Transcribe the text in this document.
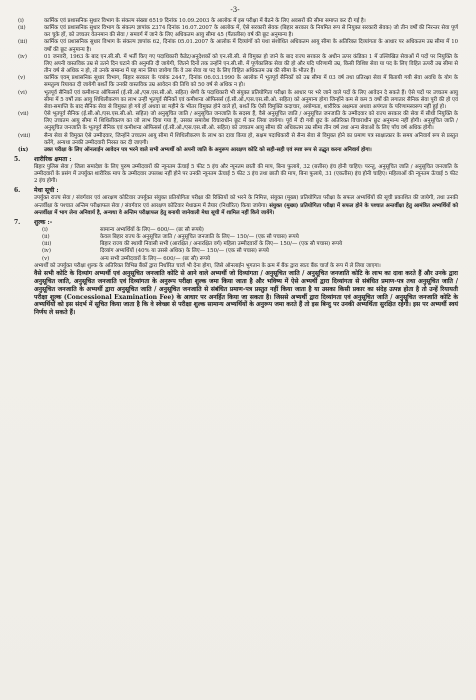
-3-
(i)	कार्मिक एवं प्रशासनिक सुधार विभाग के संकल्प संख्या 6519 दिनांक 10.09.2003 के आलोक में इस परीक्षा में बैठने के लिए अवसरों की सीमा समाप्त कर दी गई है।
(ii)	कार्मिक एवं प्रशासनिक सुधार विभाग के संकल्प ज्ञापांक 2374 दिनांक 16.07.2007 के आलोक में, ऐसे सरकारी सेवक (बिहार सरकार के नियमित रूप से नियुक्त सरकारी सेवक) जो तीन वर्षों की निरन्तर सेवा पूर्ण कर चुके हों, को उच्चतर वेतनमान की सेवा / समवर्ग में जाने के लिए अधिकतम आयु सीमा 45 (पैंतालीस) वर्ष की छूट अनुमान्य है।
(iii)	कार्मिक एवं प्रशासनिक सुधार विभाग के संकल्प ज्ञापांक 62, दिनांक 05.01.2007 के आलोक में दिव्यांगों को यथा संशोधित अधिकतम आयु सीमा के अतिरिक्त दिव्यांगता के आधार पर अधिकतम उम्र सीमा में 10 वर्षों की छूट अनुमान्य है।
(iv)	01 जनवरी, 1963 के बाद एन.सी.सी. में भर्ती किए गए पदाधिकारी कैडेट/अनुदेशकों को एन.सी.सी. से विमुक्त हो जाने के बाद राज्य सरकार के अधीन ऊपर कंडिका 1 में उल्लिखित सेवाओं में पदों पर नियुक्ति के लिए अपनी वास्तविक उम्र से उतने दिन घटाने की अनुमति दी जायेगी, जितने दिनों तक उन्होंने एन.सी.सी. में पूर्णकालिक सेवा की हो और यदि परिणामी उम्र, किसी विशिष्ट सेवा या पद के लिए विहित ऊपरी उम्र सीमा से तीन वर्ष से अधिक न हो, तो उनके सम्बन्ध में यह मान लिया जायेगा कि वे उस सेवा या पद के लिए विहित अधिकतम उम्र की सीमा के भीतर हैं।
(v)	कार्मिक एवम् प्रशासनिक सुधार विभाग, बिहार सरकार के पत्रांक 2447, दिनांक 06.03.1990 के आलोक में भूतपूर्व सैनिकों को उम्र सीमा में 03 वर्ष तथा प्रतिरक्षा सेवा में बितायी गयी सेवा अवधि के योग के समतुल्य रियायत दी जायेगी बशर्ते कि उनकी वास्तविक उम्र आवेदन की तिथि को 50 वर्ष से अधिक न हो।
(vi)	भूतपूर्व सैनिकों एवं कमीशन्ड ऑफिसर्स (ई.सी.ओ./एस.एस.सी.ओ. सहित) श्रेणी के पदाधिकारी भी संयुक्त प्रतियोगिता परीक्षा के आधार पर भरे जाने वाले पदों के लिए आवेदन दे सकते हैं। ऐसे पदों पर उच्चतम आयु सीमा में 5 वर्षों तक आयु शिथिलीकरण का लाभ उन्हीं भूतपूर्व सैनिकों एवं कमीशन्ड ऑफिसर्स (ई.सी.ओ./एस.एस.सी.ओ. सहित) को अनुमान्य होगा जिन्होंने कम से कम 5 वर्षों की लगातार सैनिक सेवा पूरी की हो एवं सेवा-समाप्ति के बाद सैनिक सेवा से विमुक्त हो गये हों अथवा छः महीने के भीतर विमुक्त होने वाले हों, बशर्ते कि ऐसी विमुक्ति कदाचार, अयोग्यता, शारीरिक अक्षमता अथवा अपंगता के परिणामस्वरूप नहीं हुई हो।
(vii)	ऐसे भूतपूर्व सैनिक (ई.सी.ओ./एस.एस.सी.ओ. सहित) जो अनुसूचित जाति / अनुसूचित जनजाति के सदस्य हैं, वैसे अनुसूचित जाति / अनुसूचित जनजाति के उम्मीदवार को राज्य सरकार की सेवा में सीधी नियुक्ति के लिए उच्चतम आयु सीमा में शिथिलीकरण का जो लाभ दिया गया है, उसका समावेश विचाराधीन छूट में कर लिया जायेगा। पूर्व में दी गयी छूट के अतिरिक्त विचाराधीन छूट अनुमान्य नहीं होगी। अनुसूचित जाति / अनुसूचित जनजाति के भूतपूर्व सैनिक एवं कमीशन्ड ऑफिसर्स (ई.सी.ओ./एस.एस.सी.ओ. सहित) को उच्चतम आयु सीमा की अधिकतम उम्र सीमा तीन वर्ष तथा अन्य सेवाओं के लिए पाँच वर्ष अधिक होगी।
(viii)	सैन्य सेवा से विमुक्त ऐसे उम्मीदवार, जिन्होंने उच्चतम आयु सीमा में शिथिलीकरण के लाभ का दावा किया हो, सक्षम पदाधिकारी से सैन्य सेवा से विमुक्त होने का प्रमाण पत्र साक्षात्कार के समय अनिवार्य रूप से प्रस्तुत करेंगे, अन्यथा उनकी उम्मीदवारी निरस्त कर दी जाएगी।
(ix)	उक्त परीक्षा के लिए ऑनलाईन आवेदन पत्र भरने वाले सभी अभ्यर्थी को अपनी जाति के अनुरूप आरक्षण कोटि को सही-सही एवं स्पष्ट रूप से उद्धृत करना अनिवार्य होगा।
5.	शारीरिक क्षमता :
बिहार पुलिस सेवा / जिला समादेष्टा के लिए पुरुष उम्मीदवारों की न्यूनतम ऊँचाई 5 फीट 5 इंच और न्यूनतम छाती की माप, बिना फुलाये, 32 (बत्तीस) इंच होनी चाहिए। परन्तु, अनुसूचित जाति / अनुसूचित जनजाति के उम्मीदवारों के प्रसंग में उपर्युक्त शारीरिक माप के उम्मीदवार उपलब्ध नहीं होने पर उनकी न्यूनतम ऊँचाई 5 फीट 3 इंच तथा छाती की माप, बिना फुलाये, 31 (एकतीस) इंच होनी चाहिए। महिलाओं की न्यूनतम ऊँचाई 5 फीट 2 इंच होगी।
6.	मेधा सूची :
उपर्युक्त राज्य सेवा / संवर्गवार एवं आरक्षण कोटिवार उपर्युक्त संयुक्त प्रतियोगिता परीक्षा की रिक्तियों को भरने के निमित्त, संयुक्त (मुख्य) प्रतियोगिता परीक्षा के सफल अभ्यर्थियों की सूची प्रकाशित की जायेगी, तथा उनकी अन्तर्वीक्षा के पश्चात अन्तिम परीक्षाफल सेवा / संवर्गवार एवं आरक्षण कोटिवार मेधाक्रम में तैयार (निर्धारित) किया जायेगा। संयुक्त (मुख्य) प्रतियोगिता परीक्षा में सफल होने के पश्चात अन्तर्वीक्षा हेतु आमंत्रित अभ्यर्थियों को अन्तर्वीक्षा में भाग लेना अनिवार्य है, अन्यथा वे अन्तिम परीक्षाफल हेतु बनायी जानेवाली मेधा सूची में शामिल नहीं किये जायेंगे।
7.	शुल्क :-
(i)	सामान्य अभ्यर्थियों के लिए— 600/— (छः सौ रूपये)
(ii)	केवल बिहार राज्य के अनुसूचित जाति / अनुसूचित जनजाति के लिए— 150/— (एक सौ पचास) रूपये
(iii)	बिहार राज्य की स्थायी निवासी सभी (आरक्षित / अनारक्षित वर्ग) महिला उम्मीदवारों के लिए— 150/— (एक सौ पचास) रूपये
(iv)	दिव्यांग अभ्यर्थियों (40% या उससे अधिक) के लिए— 150/— (एक सौ पचास) रूपये
(v)	अन्य सभी उम्मीदवारों के लिए— 600/— (छः सौ) रूपये
अभ्यर्थी को उपर्युक्त परीक्षा शुल्क के अतिरिक्त विभिन्न बैंकों द्वारा निर्धारित चार्ज भी देना होगा, जिसे ऑनलाईन भुगतान के क्रम में बैंक द्वारा स्वतः बैंक चार्ज के रूप में ले लिया जाएगा।
वैसे सभी कोटि के दिव्यांग अभ्यर्थी एवं अनुसूचित जनजाति कोटि से आने वाले अभ्यर्थी जो दिव्यांगता / अनुसूचित जाति / अनुसूचित जनजाति कोटि के लाभ का दावा करते हैं और उनके द्वारा अनुसूचित जाति, अनुसूचित जनजाति एवं दिव्यांगता के अनुरूप परीक्षा शुल्क जमा किया जाता है और भविष्य में ऐसे अभ्यर्थी द्वारा दिव्यांगता से संबंधित प्रमाण-पत्र तथा अनुसूचित जाति / अनुसूचित जनजाति के अभ्यर्थी द्वारा अनुसूचित जाति / अनुसूचित जनजाति से संबंधित प्रमाण-पत्र प्रस्तुत नहीं किया जाता है या उसका किसी प्रकार का संदेह उत्पन्न होता है तो उन्हें रियायती परीक्षा शुल्क (Concessional Examination Fee) के आधार पर अनर्हित किया जा सकता है। जिससे अभ्यर्थी द्वारा दिव्यांगता एवं अनुसूचित जाति / अनुसूचित जनजाति कोटि के अभ्यर्थियों को इस संदर्भ में सूचित किया जाता है कि वे स्वेच्छा से परीक्षा शुल्क सामान्य अभ्यर्थियों के अनुरूप जमा करते हैं तो इस बिन्दु पर उनकी अभ्यर्थिता सुरक्षित रहेगी। इस पर अभ्यर्थी स्वयं निर्णय ले सकते हैं।
